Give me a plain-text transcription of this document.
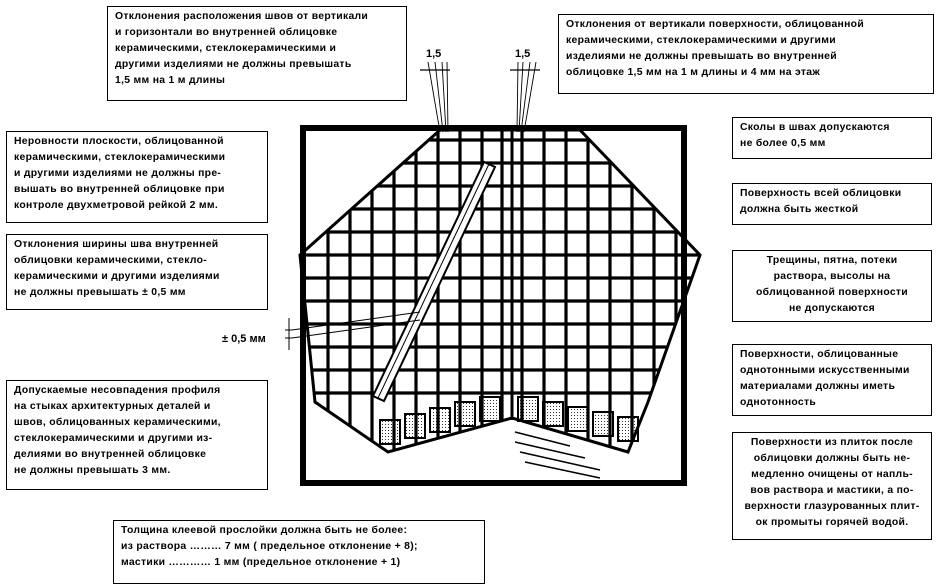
Отклонения расположения швов от вертикали
и горизонтали во внутренней облицовке
керамическими, стеклокерамическими и
другими изделиями не должны превышать
1,5 мм на 1 м длины
Отклонения от вертикали поверхности, облицованной
керамическими, стеклокерамическими и другими
изделиями не должны превышать во внутренней
облицовке 1,5 мм на 1 м длины и 4 мм на этаж
Неровности плоскости, облицованной
керамическими, стеклокерамическими
и другими изделиями не должны пре-
вышать во внутренней облицовке при
контроле двухметровой рейкой 2 мм.
Отклонения ширины шва внутренней
облицовки керамическими, стекло-
керамическими и другими изделиями
не должны превышать ± 0,5 мм
Допускаемые несовпадения профиля
на стыках архитектурных деталей и
швов, облицованных керамическими,
стеклокерамическими и другими из-
делиями во внутренней облицовке
не должны превышать 3 мм.
Толщина клеевой прослойки должна быть не более:
из раствора ……… 7 мм ( предельное отклонение + 8);
мастики ………… 1 мм (предельное отклонение + 1)
Сколы в швах допускаются
не более 0,5 мм
Поверхность всей облицовки
должна быть жесткой
Трещины, пятна, потеки
раствора, высолы на
облицованной поверхности
не допускаются
Поверхности, облицованные
однотонными искусственными
материалами должны иметь
однотонность
Поверхности из плиток после
облицовки должны быть не-
медленно очищены от напль-
вов раствора и мастики, а по-
верхности глазурованных плит-
ок промыты горячей водой.
1,5	1,5
± 0,5 мм
